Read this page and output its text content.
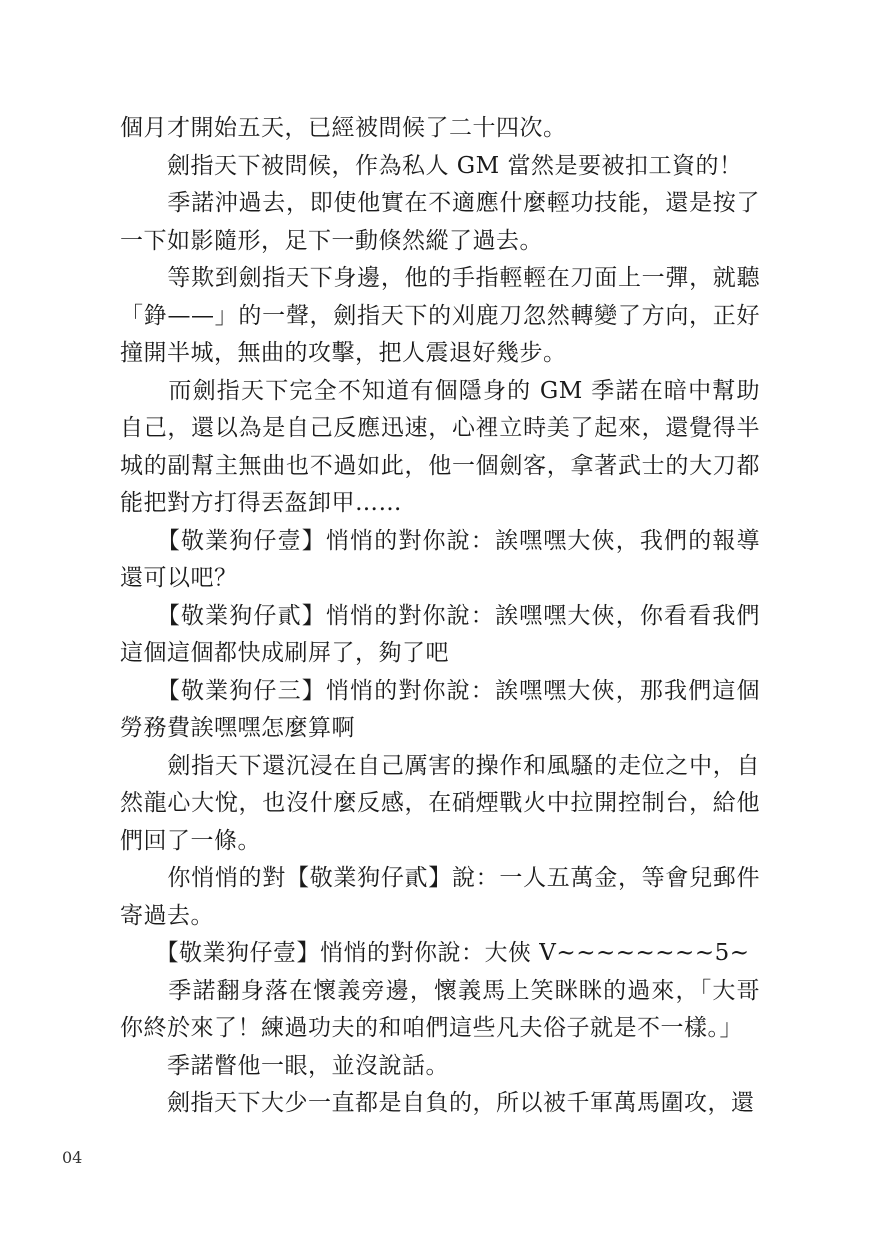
個月才開始五天，已經被問候了二十四次。

　　劍指天下被問候，作為私人 GM 當然是要被扣工資的！

　　季諾沖過去，即使他實在不適應什麼輕功技能，還是按了一下如影隨形，足下一動倏然縱了過去。

　　等欺到劍指天下身邊，他的手指輕輕在刀面上一彈，就聽「錚——」的一聲，劍指天下的刈鹿刀忽然轉變了方向，正好撞開半城，無曲的攻擊，把人震退好幾步。

　　而劍指天下完全不知道有個隱身的 GM 季諾在暗中幫助自己，還以為是自己反應迅速，心裡立時美了起來，還覺得半城的副幫主無曲也不過如此，他一個劍客，拿著武士的大刀都能把對方打得丟盔卸甲……

　　【敬業狗仔壹】悄悄的對你說：誒嘿嘿大俠，我們的報導還可以吧？

　　【敬業狗仔貳】悄悄的對你說：誒嘿嘿大俠，你看看我們這個這個都快成刷屏了，夠了吧

　　【敬業狗仔三】悄悄的對你說：誒嘿嘿大俠，那我們這個勞務費誒嘿嘿怎麼算啊

　　劍指天下還沉浸在自己厲害的操作和風騷的走位之中，自然龍心大悅，也沒什麼反感，在硝煙戰火中拉開控制台，給他們回了一條。

　　你悄悄的對【敬業狗仔貳】說：一人五萬金，等會兒郵件寄過去。

　　【敬業狗仔壹】悄悄的對你說：大俠 V~~~~~~~~5~

　　季諾翻身落在懷義旁邊，懷義馬上笑眯眯的過來，「大哥你終於來了！練過功夫的和咱們這些凡夫俗子就是不一樣。」

　　季諾瞥他一眼，並沒說話。

　　劍指天下大少一直都是自負的，所以被千軍萬馬圍攻，還

04
